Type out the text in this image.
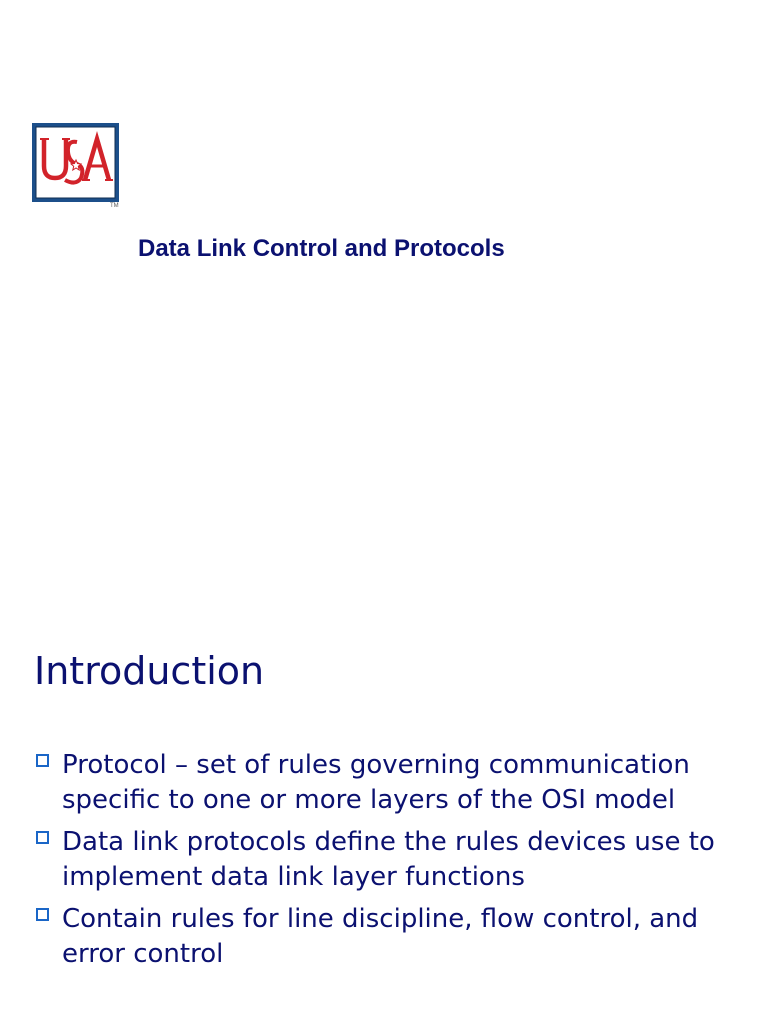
TM
Data Link Control and Protocols
Introduction
Protocol – set of rules governing communication
specific to one or more layers of the OSI model
Data link protocols define the rules devices use to
implement data link layer functions
Contain rules for line discipline, flow control, and
error control
